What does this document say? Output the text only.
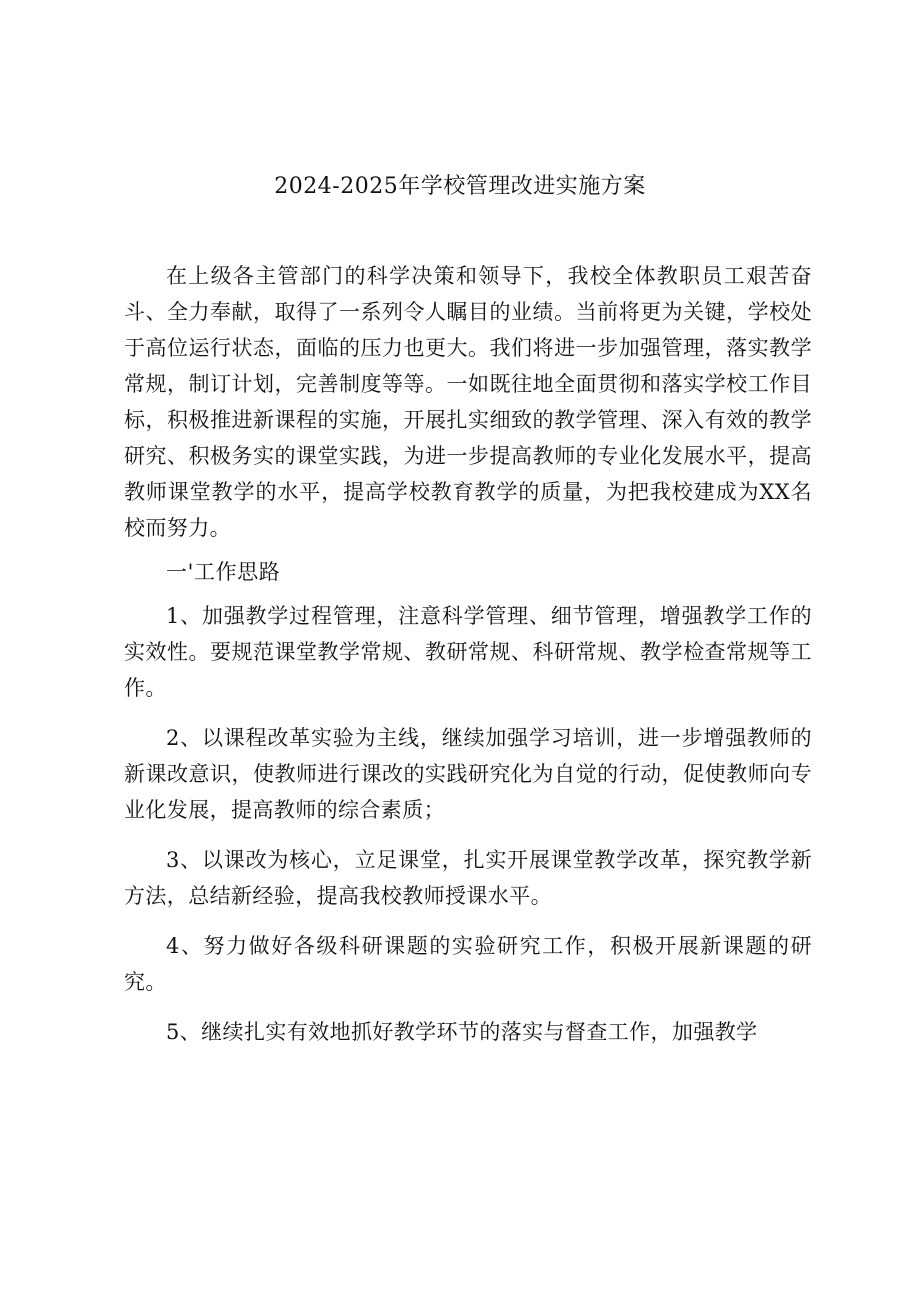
2024-2025年学校管理改进实施方案

在上级各主管部门的科学决策和领导下，我校全体教职员工艰苦奋斗、全力奉献，取得了一系列令人瞩目的业绩。当前将更为关键，学校处于高位运行状态，面临的压力也更大。我们将进一步加强管理，落实教学常规，制订计划，完善制度等等。一如既往地全面贯彻和落实学校工作目标，积极推进新课程的实施，开展扎实细致的教学管理、深入有效的教学研究、积极务实的课堂实践，为进一步提高教师的专业化发展水平，提高教师课堂教学的水平，提高学校教育教学的质量，为把我校建成为XX名校而努力。

一'工作思路

1、加强教学过程管理，注意科学管理、细节管理，增强教学工作的实效性。要规范课堂教学常规、教研常规、科研常规、教学检查常规等工作。

2、以课程改革实验为主线，继续加强学习培训，进一步增强教师的新课改意识，使教师进行课改的实践研究化为自觉的行动，促使教师向专业化发展，提高教师的综合素质；

3、以课改为核心，立足课堂，扎实开展课堂教学改革，探究教学新方法，总结新经验，提高我校教师授课水平。

4、努力做好各级科研课题的实验研究工作，积极开展新课题的研究。

5、继续扎实有效地抓好教学环节的落实与督查工作，加强教学
